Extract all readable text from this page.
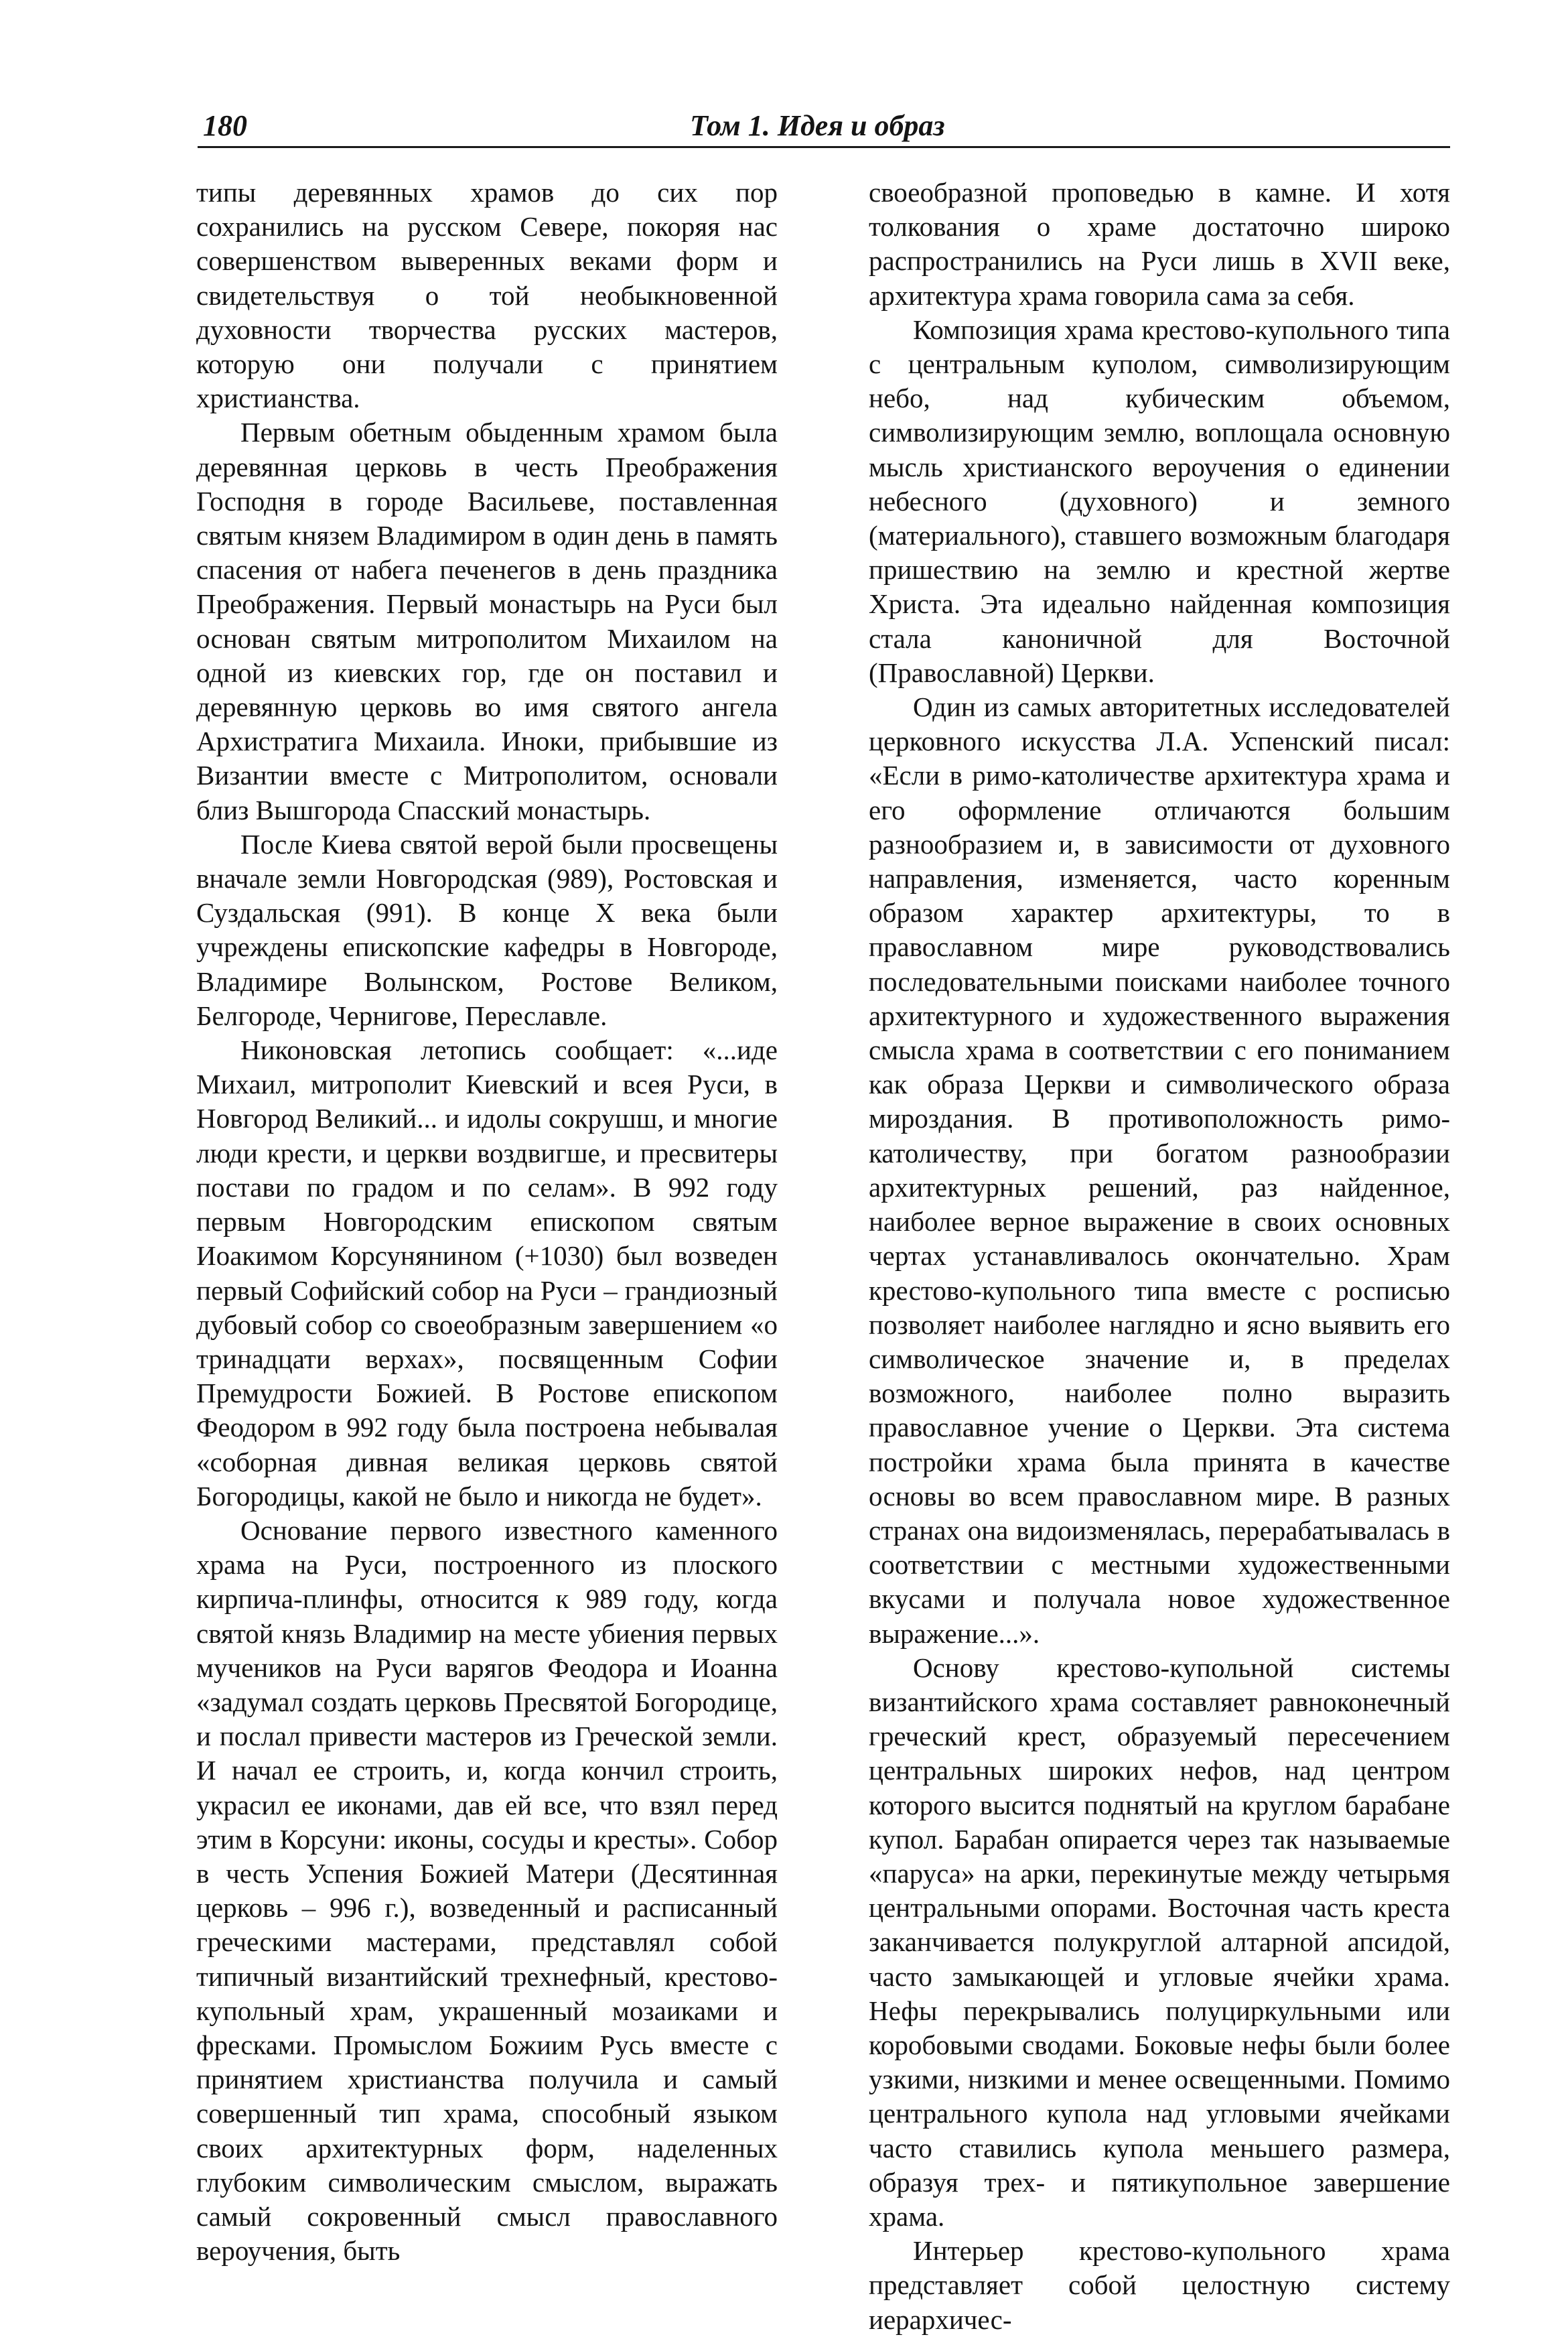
180	Том 1. Идея и образ

типы деревянных храмов до сих пор сохранились на русском Севере, покоряя нас совершенством выверенных веками форм и свидетельствуя о той необыкновенной духовности творчества русских мастеров, которую они получали с принятием христианства.

Первым обетным обыденным храмом была деревянная церковь в честь Преображения Господня в городе Васильеве, поставленная святым князем Владимиром в один день в память спасения от набега печенегов в день праздника Преображения. Первый монастырь на Руси был основан святым митрополитом Михаилом на одной из киевских гор, где он поставил и деревянную церковь во имя святого ангела Архистратига Михаила. Иноки, прибывшие из Византии вместе с Митрополитом, основали близ Вышгорода Спасский монастырь.

После Киева святой верой были просвещены вначале земли Новгородская (989), Ростовская и Суздальская (991). В конце X века были учреждены епископские кафедры в Новгороде, Владимире Волынском, Ростове Великом, Белгороде, Чернигове, Переславле.

Никоновская летопись сообщает: «...иде Михаил, митрополит Киевский и всея Руси, в Новгород Великий... и идолы сокрушш, и многие люди крести, и церкви воздвигше, и пресвитеры постави по градом и по селам». В 992 году первым Новгородским епископом святым Иоакимом Корсунянином (+1030) был возведен первый Софийский собор на Руси – грандиозный дубовый собор со своеобразным завершением «о тринадцати верхах», посвященным Софии Премудрости Божией. В Ростове епископом Феодором в 992 году была построена небывалая «соборная дивная великая церковь святой Богородицы, какой не было и никогда не будет».

Основание первого известного каменного храма на Руси, построенного из плоского кирпича-плинфы, относится к 989 году, когда святой князь Владимир на месте убиения первых мучеников на Руси варягов Феодора и Иоанна «задумал создать церковь Пресвятой Богородице, и послал привести мастеров из Греческой земли. И начал ее строить, и, когда кончил строить, украсил ее иконами, дав ей все, что взял перед этим в Корсуни: иконы, сосуды и кресты». Собор в честь Успения Божией Матери (Десятинная церковь – 996 г.), возведенный и расписанный греческими мастерами, представлял собой типичный византийский трехнефный, крестово-купольный храм, украшенный мозаиками и фресками. Промыслом Божиим Русь вместе с принятием христианства получила и самый совершенный тип храма, способный языком своих архитектурных форм, наделенных глубоким символическим смыслом, выражать самый сокровенный смысл православного вероучения, быть

своеобразной проповедью в камне. И хотя толкования о храме достаточно широко распространились на Руси лишь в XVII веке, архитектура храма говорила сама за себя.

Композиция храма крестово-купольного типа с центральным куполом, символизирующим небо, над кубическим объемом, символизирующим землю, воплощала основную мысль христианского вероучения о единении небесного (духовного) и земного (материального), ставшего возможным благодаря пришествию на землю и крестной жертве Христа. Эта идеально найденная композиция стала каноничной для Восточной (Православной) Церкви.

Один из самых авторитетных исследователей церковного искусства Л.А. Успенский писал: «Если в римо-католичестве архитектура храма и его оформление отличаются большим разнообразием и, в зависимости от духовного направления, изменяется, часто коренным образом характер архитектуры, то в православном мире руководствовались последовательными поисками наиболее точного архитектурного и художественного выражения смысла храма в соответствии с его пониманием как образа Церкви и символического образа мироздания. В противоположность римо-католичеству, при богатом разнообразии архитектурных решений, раз найденное, наиболее верное выражение в своих основных чертах устанавливалось окончательно. Храм крестово-купольного типа вместе с росписью позволяет наиболее наглядно и ясно выявить его символическое значение и, в пределах возможного, наиболее полно выразить православное учение о Церкви. Эта система постройки храма была принята в качестве основы во всем православном мире. В разных странах она видоизменялась, перерабатывалась в соответствии с местными художественными вкусами и получала новое художественное выражение...».

Основу крестово-купольной системы византийского храма составляет равноконечный греческий крест, образуемый пересечением центральных широких нефов, над центром которого высится поднятый на круглом барабане купол. Барабан опирается через так называемые «паруса» на арки, перекинутые между четырьмя центральными опорами. Восточная часть креста заканчивается полукруглой алтарной апсидой, часто замыкающей и угловые ячейки храма. Нефы перекрывались полуциркульными или коробовыми сводами. Боковые нефы были более узкими, низкими и менее освещенными. Помимо центрального купола над угловыми ячейками часто ставились купола меньшего размера, образуя трех- и пятикупольное завершение храма.

Интерьер крестово-купольного храма представляет собой целостную систему иерархичес-
